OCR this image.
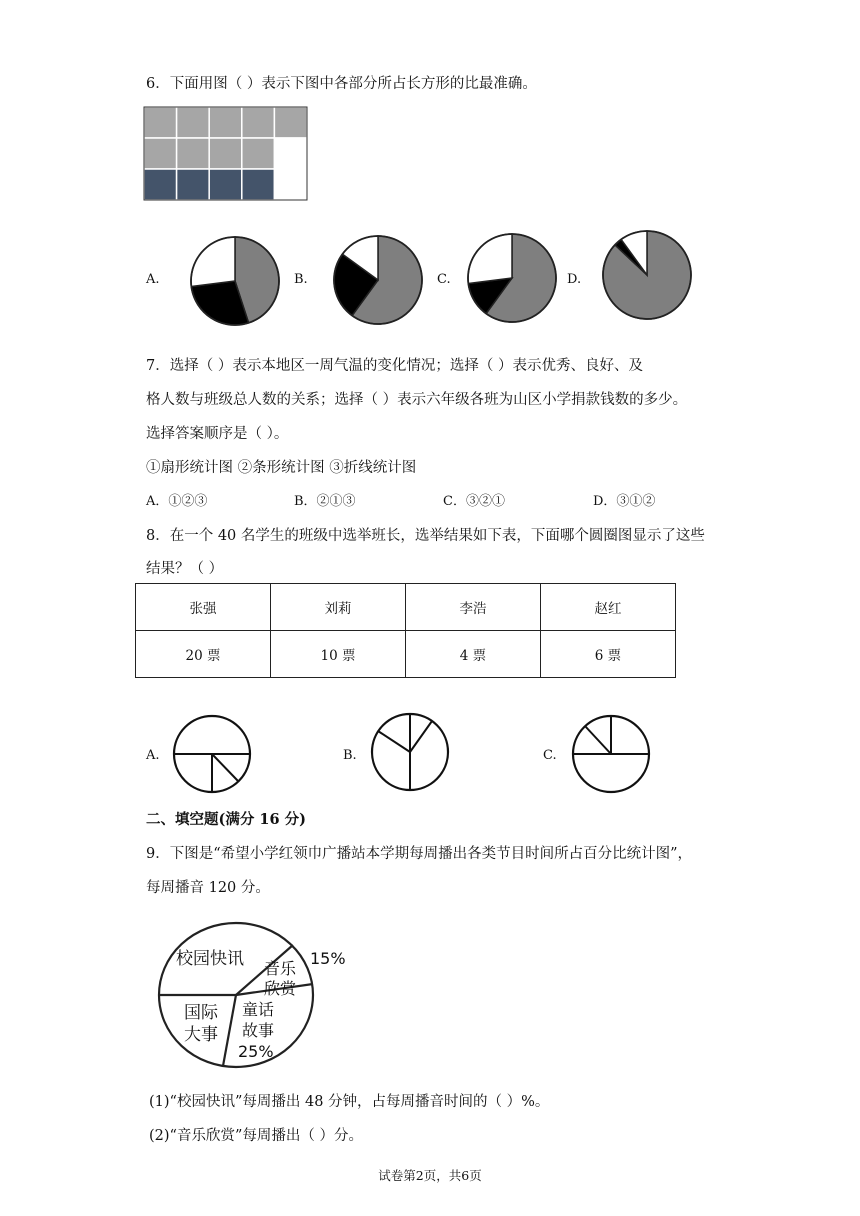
6．下面用图（ ）表示下图中各部分所占长方形的比最准确。
A.	B.	C.	D.
7．选择（ ）表示本地区一周气温的变化情况；选择（ ）表示优秀、良好、及
格人数与班级总人数的关系；选择（ ）表示六年级各班为山区小学捐款钱数的多少。
选择答案顺序是（ ）。
①扇形统计图 ②条形统计图 ③折线统计图
A．①②③	B．②①③	C．③②①	D．③①②
8．在一个 40 名学生的班级中选举班长，选举结果如下表，下面哪个圆圈图显示了这些
结果？（ ）
张强	刘莉	李浩	赵红
20 票	10 票	4 票	6 票
A.	B.	C.
二、填空题(满分 16 分)
9．下图是“希望小学红领巾广播站本学期每周播出各类节目时间所占百分比统计图”，
每周播音 120 分。
校园快讯 音乐
欣赏
15%
国际
大事
童话
故事
25%
(1)“校园快讯”每周播出 48 分钟，占每周播音时间的（ ）%。
(2)“音乐欣赏”每周播出（ ）分。
试卷第2页，共6页
